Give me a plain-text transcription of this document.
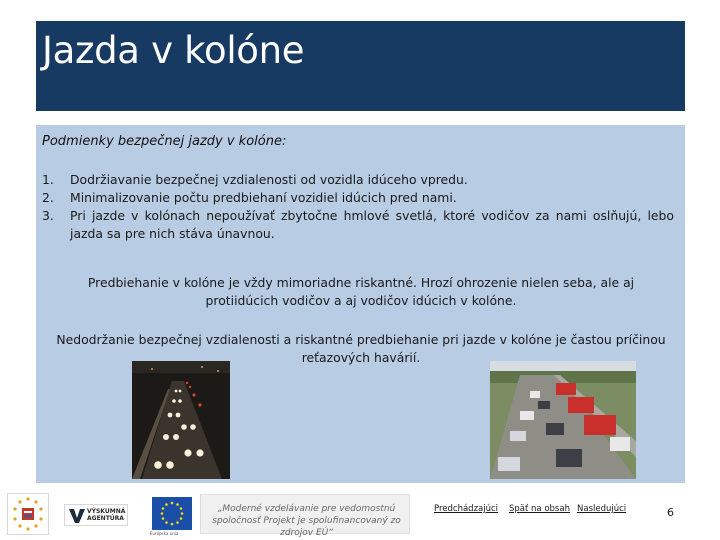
Jazda v kolóne
Podmienky bezpečnej jazdy v kolóne:
1. Dodržiavanie bezpečnej vzdialenosti od vozidla idúceho vpredu.
2. Minimalizovanie počtu predbiehaní vozidiel idúcich pred nami.
3. Pri jazde v kolónach nepoužívať zbytočne hmlové svetlá, ktoré vodičov za nami oslňujú, lebo jazda sa pre nich stáva únavnou.
Predbiehanie v kolóne je vždy mimoriadne riskantné. Hrozí ohrozenie nielen seba, ale aj protiidúcich vodičov a aj vodičov idúcich v kolóne.
Nedodržanie bezpečnej vzdialenosti a riskantné predbiehanie pri jazde v kolóne je častou príčinou reťazových havárií.
VÝSKUMNÁ AGENTÚRA
Európska únia
„Moderné vzdelávanie pre vedomostnú spoločnosť Projekt je spolufinancovaný zo zdrojov EÚ“
Predchádzajúci Späť na obsah Nasledujúci	6
